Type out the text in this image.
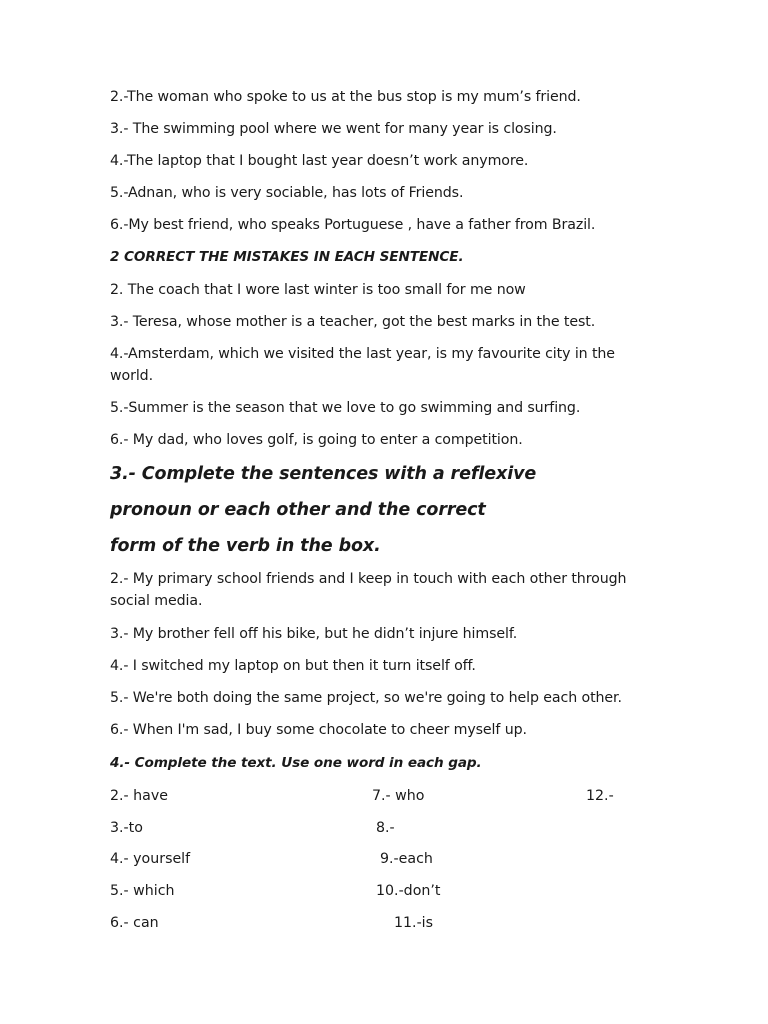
2.-The woman who spoke to us at the bus stop is my mum’s friend.
3.- The swimming pool where we went for many year is closing.
4.-The laptop that I bought last year doesn’t work anymore.
5.-Adnan, who is very sociable, has lots of Friends.
6.-My best friend, who speaks Portuguese , have a father from Brazil.
2 CORRECT THE MISTAKES IN EACH SENTENCE.
2. The coach that I wore last winter is too small for me now
3.- Teresa, whose mother is a teacher, got the best marks in the test.
4.-Amsterdam, which we visited the last year, is my favourite city in the world.
5.-Summer is the season that we love to go swimming and surfing.
6.- My dad, who loves golf, is going to enter a competition.
3.- Complete the sentences with a reflexive
pronoun or each other and the correct
form of the verb in the box.
2.- My primary school friends and I keep in touch with each other through social media.
3.- My brother fell off his bike, but he didn’t injure himself.
4.- I switched my laptop on but then it turn itself off.
5.- We're both doing the same project, so we're going to help each other.
6.- When I'm sad, I buy some chocolate to cheer myself up.
4.- Complete the text. Use one word in each gap.
2.- have
3.-to
4.- yourself
5.- which
6.- can
7.- who
8.-
9.-each
10.-don’t
11.-is
12.-
